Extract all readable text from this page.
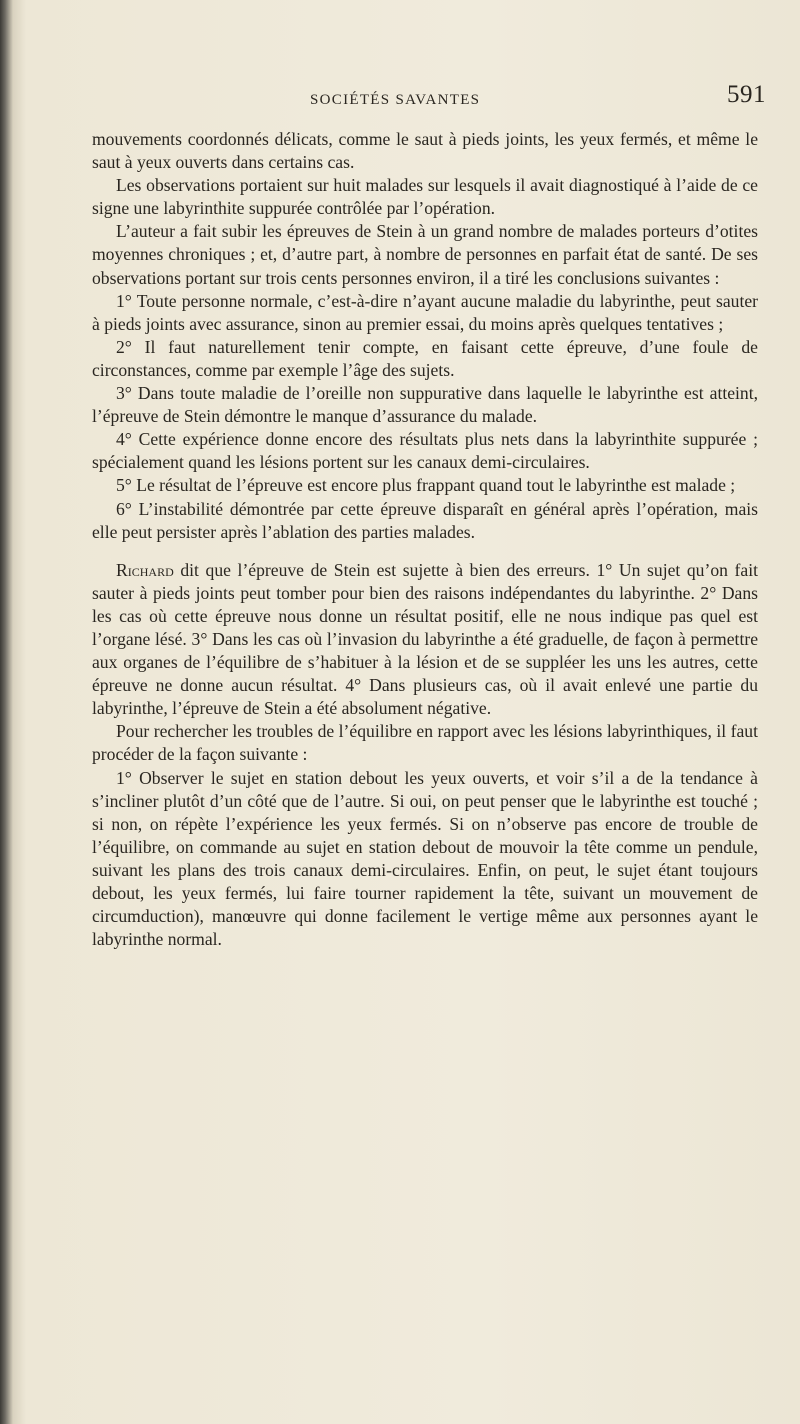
SOCIÉTÉS SAVANTES	591

mouvements coordonnés délicats, comme le saut à pieds joints, les yeux fermés, et même le saut à yeux ouverts dans certains cas.

Les observations portaient sur huit malades sur lesquels il avait diagnostiqué à l’aide de ce signe une labyrinthite suppurée contrôlée par l’opération.

L’auteur a fait subir les épreuves de Stein à un grand nombre de malades porteurs d’otites moyennes chroniques ; et, d’autre part, à nombre de personnes en parfait état de santé. De ses observations portant sur trois cents personnes environ, il a tiré les conclusions suivantes :

1° Toute personne normale, c’est-à-dire n’ayant aucune maladie du labyrinthe, peut sauter à pieds joints avec assurance, sinon au premier essai, du moins après quelques tentatives ;

2° Il faut naturellement tenir compte, en faisant cette épreuve, d’une foule de circonstances, comme par exemple l’âge des sujets.

3° Dans toute maladie de l’oreille non suppurative dans laquelle le labyrinthe est atteint, l’épreuve de Stein démontre le manque d’assurance du malade.

4° Cette expérience donne encore des résultats plus nets dans la labyrinthite suppurée ; spécialement quand les lésions portent sur les canaux demi-circulaires.

5° Le résultat de l’épreuve est encore plus frappant quand tout le labyrinthe est malade ;

6° L’instabilité démontrée par cette épreuve disparaît en général après l’opération, mais elle peut persister après l’ablation des parties malades.

Richard dit que l’épreuve de Stein est sujette à bien des erreurs. 1° Un sujet qu’on fait sauter à pieds joints peut tomber pour bien des raisons indépendantes du labyrinthe. 2° Dans les cas où cette épreuve nous donne un résultat positif, elle ne nous indique pas quel est l’organe lésé. 3° Dans les cas où l’invasion du labyrinthe a été graduelle, de façon à permettre aux organes de l’équilibre de s’habituer à la lésion et de se suppléer les uns les autres, cette épreuve ne donne aucun résultat. 4° Dans plusieurs cas, où il avait enlevé une partie du labyrinthe, l’épreuve de Stein a été absolument négative.

Pour rechercher les troubles de l’équilibre en rapport avec les lésions labyrinthiques, il faut procéder de la façon suivante :

1° Observer le sujet en station debout les yeux ouverts, et voir s’il a de la tendance à s’incliner plutôt d’un côté que de l’autre. Si oui, on peut penser que le labyrinthe est touché ; si non, on répète l’expérience les yeux fermés. Si on n’observe pas encore de trouble de l’équilibre, on commande au sujet en station debout de mouvoir la tête comme un pendule, suivant les plans des trois canaux demi-circulaires. Enfin, on peut, le sujet étant toujours debout, les yeux fermés, lui faire tourner rapidement la tête, suivant un mouvement de circumduction), manœuvre qui donne facilement le vertige même aux personnes ayant le labyrinthe normal.
